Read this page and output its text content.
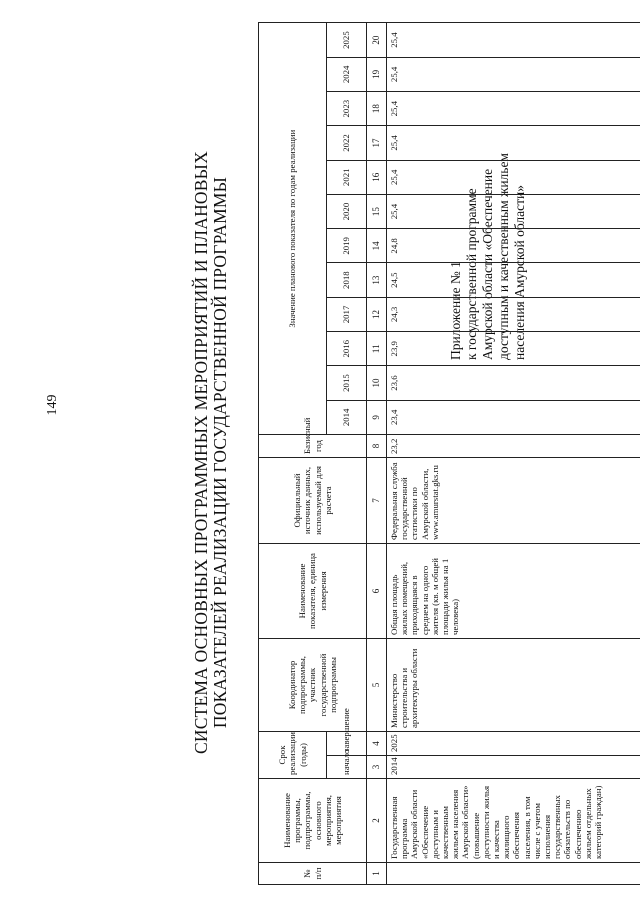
149
Приложение № 1 к государственной программе Амурской области «Обеспечение доступным и качественным жильем населения Амурской области»
СИСТЕМА ОСНОВНЫХ ПРОГРАММНЫХ МЕРОПРИЯТИЙ И ПЛАНОВЫХ ПОКАЗАТЕЛЕЙ РЕАЛИЗАЦИИ ГОСУДАРСТВЕННОЙ ПРОГРАММЫ
№ п/п	Наименование программы, подпрограммы, основного мероприятия, мероприятия	Срок реализации (годы)		Координатор подпрограммы, участник государственной подпрограммы	Наименование показателя, единица измерения	Официальный источник данных, используемый для расчета	Базисный год	Значение планового показателя по годам реализации											
		начало	завершение					2014	2015	2016	2017	2018	2019	2020	2021	2022	2023	2024	2025
1	2	3	4	5	6	7	8	9	10	11	12	13	14	15	16	17	18	19	20
	Государственная программа Амурской области «Обеспечение доступным и качественным жильем населения Амурской области» (повышение доступности жилья и качества жилищного обеспечения населения, в том числе с учетом исполнения государственных обязательств по обеспечению жильем отдельных категорий граждан)	2014	2025	Министерство строительства и архитектуры области	Общая площадь жилых помещений, приходящаяся в среднем на одного жителя (кв. м общей площади жилья на 1 человека)	Федеральная служба государственной статистики по Амурской области, www.amurstat.gks.ru	23,2	23,4	23,6	23,9	24,3	24,5	24,8	25,4	25,4	25,4	25,4	25,4	25,4
